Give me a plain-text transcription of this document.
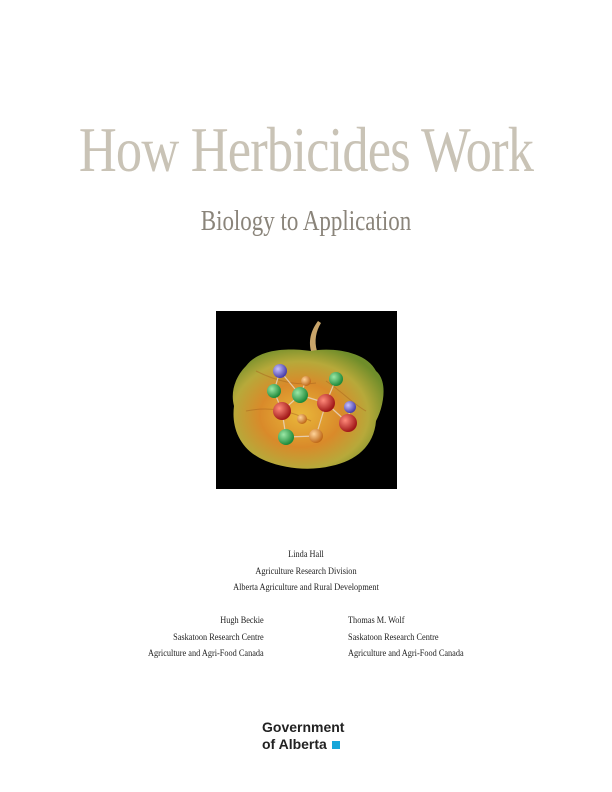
How Herbicides Work
Biology to Application
Linda Hall
Agriculture Research Division
Alberta Agriculture and Rural Development
Hugh Beckie
Saskatoon Research Centre
Agriculture and Agri-Food Canada
Thomas M. Wolf
Saskatoon Research Centre
Agriculture and Agri-Food Canada
Government
of Alberta
